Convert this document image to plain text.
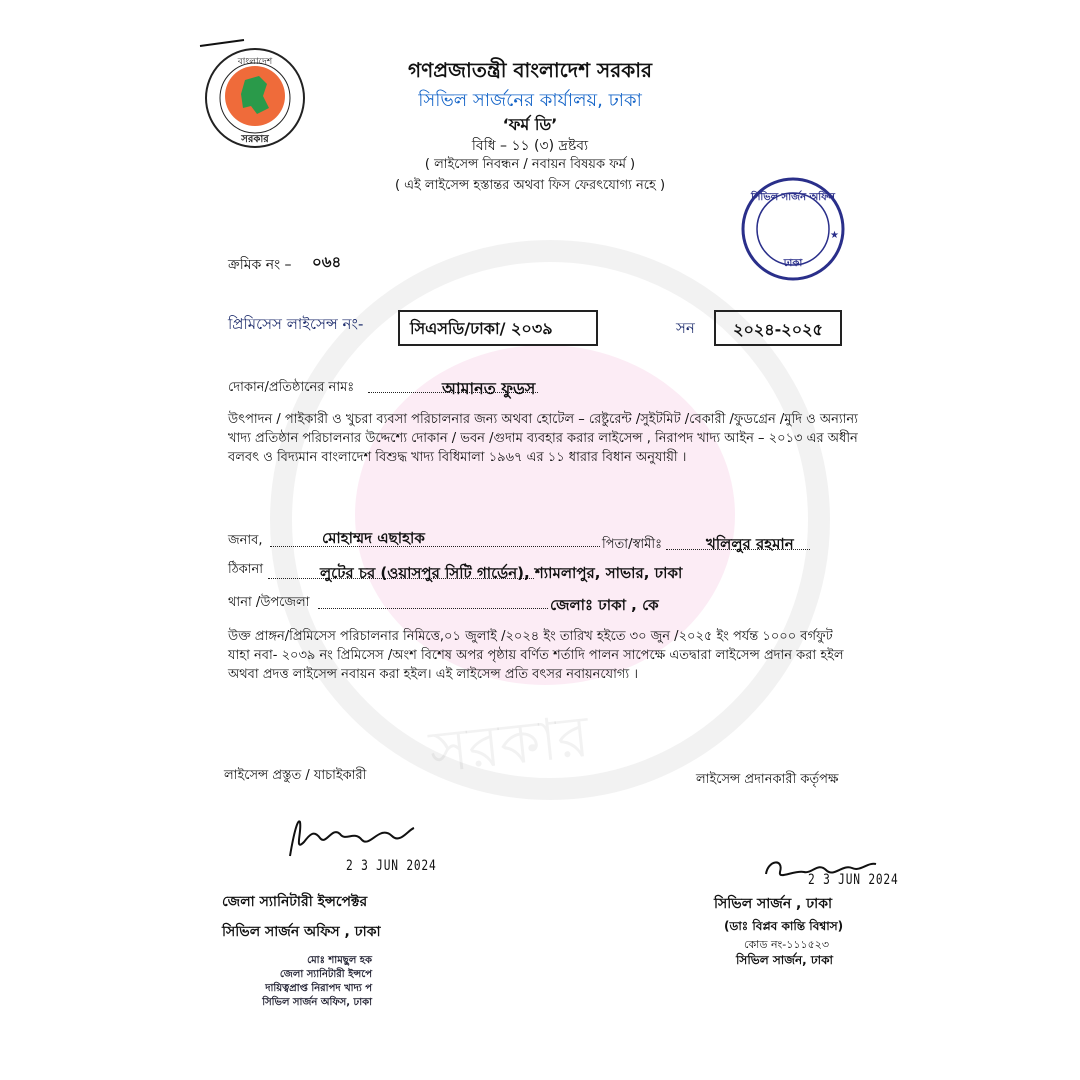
সরকার
বাংলাদেশ
সরকার
সিভিল সার্জন অফিস
ঢাকা
★
গণপ্রজাতন্ত্রী বাংলাদেশ সরকার
সিভিল সার্জনের কার্যালয়, ঢাকা
‘ফর্ম ডি’
বিধি – ১১ (৩) দ্রষ্টব্য
( লাইসেন্স নিবন্ধন / নবায়ন বিষয়ক ফর্ম )
( এই লাইসেন্স হস্তান্তর অথবা ফিস ফেরৎযোগ্য নহে )
ক্রমিক নং – ০৬৪
প্রিমিসেস লাইসেন্স নং-	সিএসডি/ঢাকা/ ২০৩৯	সন	২০২৪-২০২৫
দোকান/প্রতিষ্ঠানের নামঃ	আমানত ফুডস
উৎপাদন / পাইকারী ও খুচরা ব্যবসা পরিচালনার জন্য অথবা হোটেল – রেষ্টুরেন্ট /সুইটমিট /বেকারী /ফুডগ্রেন /মুদি ও অন্যান্য খাদ্য প্রতিষ্ঠান পরিচালনার উদ্দেশ্যে দোকান / ভবন /গুদাম ব্যবহার করার লাইসেন্স , নিরাপদ খাদ্য আইন – ২০১৩ এর অধীন বলবৎ ও বিদ্যমান বাংলাদেশ বিশুদ্ধ খাদ্য বিধিমালা ১৯৬৭ এর ১১ ধারার বিধান অনুযায়ী ।
জনাব,	মোহাম্মদ এছাহাক	পিতা/স্বামীঃ	খলিলুর রহমান
ঠিকানা	লুটের চর (ওয়াসপুর সিটি গার্ডেন), শ্যামলাপুর, সাভার, ঢাকা
থানা /উপজেলা	জেলাঃ ঢাকা , কে
উক্ত প্রাঙ্গন/প্রিমিসেস পরিচালনার নিমিত্তে,০১ জুলাই /২০২৪ ইং তারিখ হইতে ৩০ জুন /২০২৫ ইং পর্যন্ত ১০০০ বর্গফুট যাহা নবা- ২০৩৯ নং প্রিমিসেস /অংশ বিশেষ অপর পৃষ্ঠায় বর্ণিত শর্তাদি পালন সাপেক্ষে এতদ্বারা লাইসেন্স প্রদান করা হইল অথবা প্রদত্ত লাইসেন্স নবায়ন করা হইল। এই লাইসেন্স প্রতি বৎসর নবায়নযোগ্য ।
লাইসেন্স প্রস্তুত / যাচাইকারী	লাইসেন্স প্রদানকারী কর্তৃপক্ষ
2 3 JUN 2024
2 3 JUN 2024
জেলা স্যানিটারী ইন্সপেক্টর
সিভিল সার্জন অফিস , ঢাকা
মোঃ শামছুল হক
জেলা স্যানিটারী ইন্সপে
দায়িত্বপ্রাপ্ত নিরাপদ খাদ্য প
সিভিল সার্জন অফিস, ঢাকা
সিভিল সার্জন , ঢাকা
(ডাঃ বিপ্লব কান্তি বিশ্বাস)
কোড নং-১১১৫২৩
সিভিল সার্জন, ঢাকা
